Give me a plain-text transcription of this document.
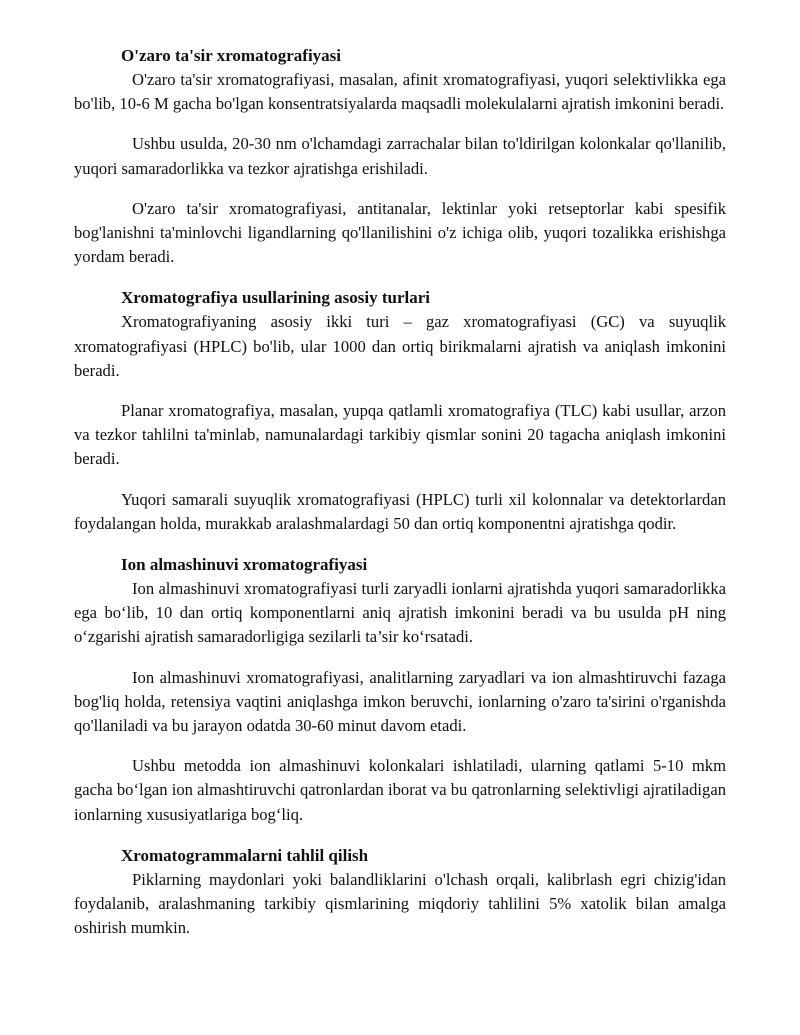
O'zaro ta'sir xromatografiyasi

O'zaro ta'sir xromatografiyasi, masalan, afinit xromatografiyasi, yuqori selektivlikka ega bo'lib, 10-6 M gacha bo'lgan konsentratsiyalarda maqsadli molekulalarni ajratish imkonini beradi.

Ushbu usulda, 20-30 nm o'lchamdagi zarrachalar bilan to'ldirilgan kolonkalar qo'llanilib, yuqori samaradorlikka va tezkor ajratishga erishiladi.

O'zaro ta'sir xromatografiyasi, antitanalar, lektinlar yoki retseptorlar kabi spesifik bog'lanishni ta'minlovchi ligandlarning qo'llanilishini o'z ichiga olib, yuqori tozalikka erishishga yordam beradi.

Xromatografiya usullarining asosiy turlari

Xromatografiyaning asosiy ikki turi – gaz xromatografiyasi (GC) va suyuqlik xromatografiyasi (HPLC) bo'lib, ular 1000 dan ortiq birikmalarni ajratish va aniqlash imkonini beradi.

Planar xromatografiya, masalan, yupqa qatlamli xromatografiya (TLC) kabi usullar, arzon va tezkor tahlilni ta'minlab, namunalardagi tarkibiy qismlar sonini 20 tagacha aniqlash imkonini beradi.

Yuqori samarali suyuqlik xromatografiyasi (HPLC) turli xil kolonnalar va detektorlardan foydalangan holda, murakkab aralashmalardagi 50 dan ortiq komponentni ajratishga qodir.

Ion almashinuvi xromatografiyasi

Ion almashinuvi xromatografiyasi turli zaryadli ionlarni ajratishda yuqori samaradorlikka ega bo‘lib, 10 dan ortiq komponentlarni aniq ajratish imkonini beradi va bu usulda pH ning o‘zgarishi ajratish samaradorligiga sezilarli ta’sir ko‘rsatadi.

Ion almashinuvi xromatografiyasi, analitlarning zaryadlari va ion almashtiruvchi fazaga bog'liq holda, retensiya vaqtini aniqlashga imkon beruvchi, ionlarning o'zaro ta'sirini o'rganishda qo'llaniladi va bu jarayon odatda 30-60 minut davom etadi.

Ushbu metodda ion almashinuvi kolonkalari ishlatiladi, ularning qatlami 5-10 mkm gacha bo‘lgan ion almashtiruvchi qatronlardan iborat va bu qatronlarning selektivligi ajratiladigan ionlarning xususiyatlariga bog‘liq.

Xromatogrammalarni tahlil qilish

Piklarning maydonlari yoki balandliklarini o'lchash orqali, kalibrlash egri chizig'idan foydalanib, aralashmaning tarkibiy qismlarining miqdoriy tahlilini 5% xatolik bilan amalga oshirish mumkin.
